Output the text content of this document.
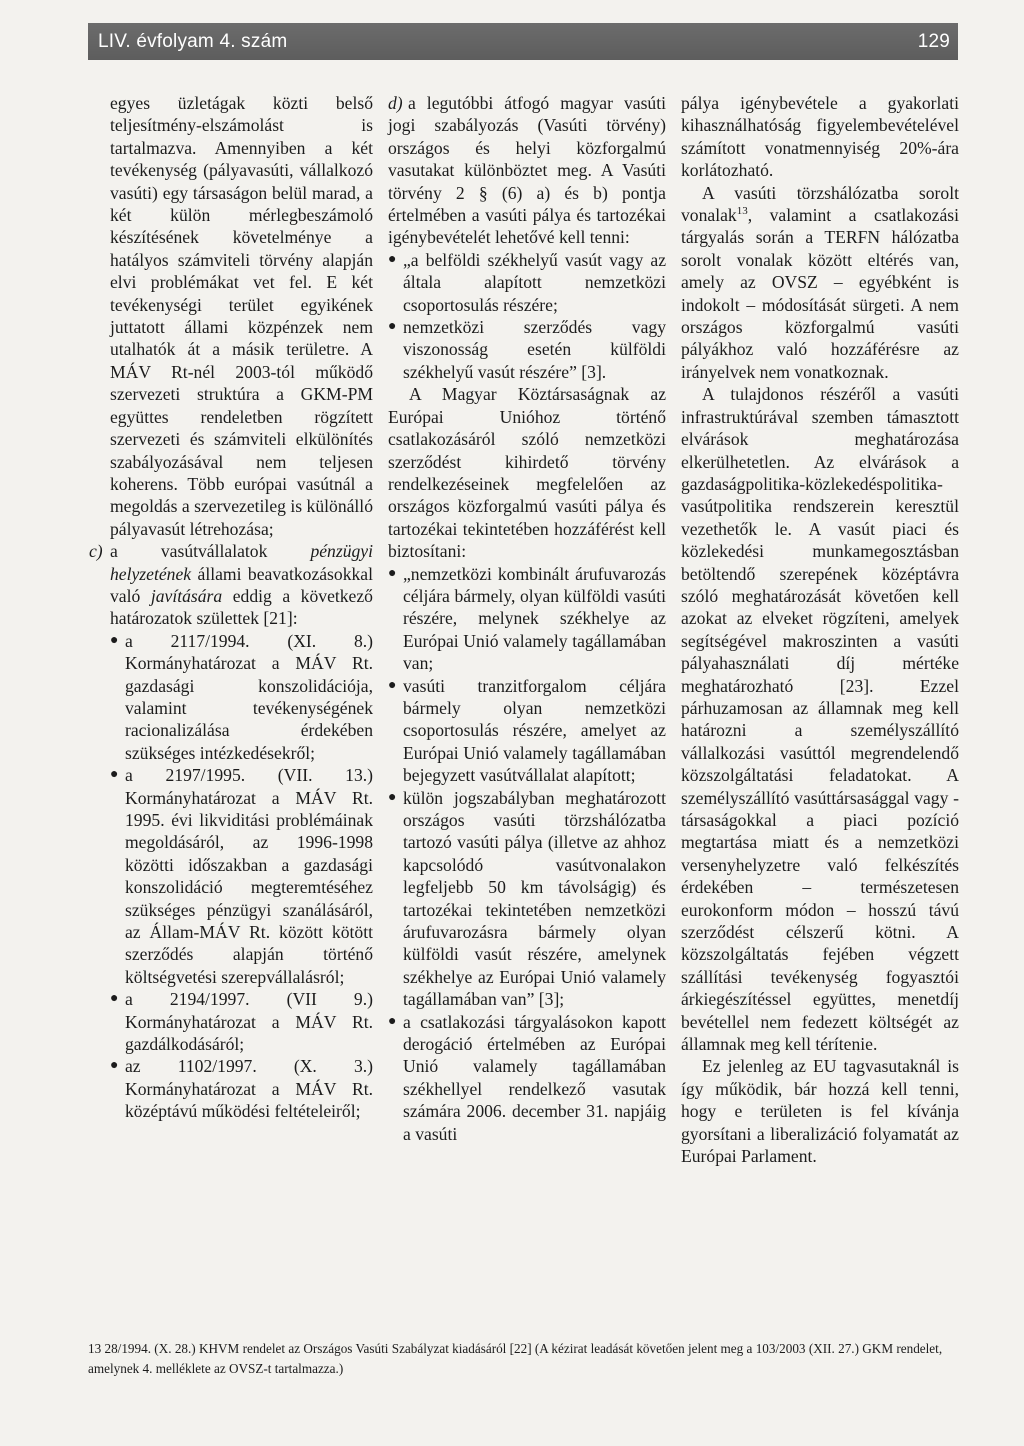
LIV. évfolyam 4. szám	129

egyes üzletágak közti belső teljesítmény-elszámolást is tartalmazva. Amennyiben a két tevékenység (pályavasúti, vállalkozó vasúti) egy társaságon belül marad, a két külön mérlegbeszámoló készítésének követelménye a hatályos számviteli törvény alapján elvi problémákat vet fel. E két tevékenységi terület egyikének juttatott állami közpénzek nem utalhatók át a másik területre. A MÁV Rt-nél 2003-tól működő szervezeti struktúra a GKM-PM együttes rendeletben rögzített szervezeti és számviteli elkülönítés szabályozásával nem teljesen koherens. Több európai vasútnál a megoldás a szervezetileg is különálló pályavasút létrehozása;

c) a vasútvállalatok pénzügyi helyzetének állami beavatkozásokkal való javítására eddig a következő határozatok születtek [21]:
● a 2117/1994. (XI. 8.) Kormányhatározat a MÁV Rt. gazdasági konszolidációja, valamint tevékenységének racionalizálása érdekében szükséges intézkedésekről;
● a 2197/1995. (VII. 13.) Kormányhatározat a MÁV Rt. 1995. évi likviditási problémáinak megoldásáról, az 1996-1998 közötti időszakban a gazdasági konszolidáció megteremtéséhez szükséges pénzügyi szanálásáról, az Állam-MÁV Rt. között kötött szerződés alapján történő költségvetési szerepvállalásról;
● a 2194/1997. (VII 9.) Kormányhatározat a MÁV Rt. gazdálkodásáról;
● az 1102/1997. (X. 3.) Kormányhatározat a MÁV Rt. középtávú működési feltételeiről;
d) a legutóbbi átfogó magyar vasúti jogi szabályozás (Vasúti törvény) országos és helyi közforgalmú vasutakat különböztet meg. A Vasúti törvény 2 § (6) a) és b) pontja értelmében a vasúti pálya és tartozékai igénybevételét lehetővé kell tenni:
● „a belföldi székhelyű vasút vagy az általa alapított nemzetközi csoportosulás részére;
● nemzetközi szerződés vagy viszonosság esetén külföldi székhelyű vasút részére” [3].

A Magyar Köztársaságnak az Európai Unióhoz történő csatlakozásáról szóló nemzetközi szerződést kihirdető törvény rendelkezéseinek megfelelően az országos közforgalmú vasúti pálya és tartozékai tekintetében hozzáférést kell biztosítani:

● „nemzetközi kombinált árufuvarozás céljára bármely, olyan külföldi vasúti részére, melynek székhelye az Európai Unió valamely tagállamában van;
● vasúti tranzitforgalom céljára bármely olyan nemzetközi csoportosulás részére, amelyet az Európai Unió valamely tagállamában bejegyzett vasútvállalat alapított;
● külön jogszabályban meghatározott országos vasúti törzshálózatba tartozó vasúti pálya (illetve az ahhoz kapcsolódó vasútvonalakon legfeljebb 50 km távolságig) és tartozékai tekintetében nemzetközi árufuvarozásra bármely olyan külföldi vasút részére, amelynek székhelye az Európai Unió valamely tagállamában van” [3];
● a csatlakozási tárgyalásokon kapott derogáció értelmében az Európai Unió valamely tagállamában székhellyel rendelkező vasutak számára 2006. december 31. napjáig a vasúti

pálya igénybevétele a gyakorlati kihasználhatóság figyelembevételével számított vonatmennyiség 20%-ára korlátozható.

A vasúti törzshálózatba sorolt vonalak$^{13}$, valamint a csatlakozási tárgyalás során a TERFN hálózatba sorolt vonalak között eltérés van, amely az OVSZ – egyébként is indokolt – módosítását sürgeti. A nem országos közforgalmú vasúti pályákhoz való hozzáférésre az irányelvek nem vonatkoznak.

A tulajdonos részéről a vasúti infrastruktúrával szemben támasztott elvárások meghatározása elkerülhetetlen. Az elvárások a gazdaságpolitika-közlekedéspolitika-vasútpolitika rendszerein keresztül vezethetők le. A vasút piaci és közlekedési munkamegosztásban betöltendő szerepének középtávra szóló meghatározását követően kell azokat az elveket rögzíteni, amelyek segítségével makroszinten a vasúti pályahasználati díj mértéke meghatározható [23]. Ezzel párhuzamosan az államnak meg kell határozni a személyszállító vállalkozási vasúttól megrendelendő közszolgáltatási feladatokat. A személyszállító vasúttársasággal vagy -társaságokkal a piaci pozíció megtartása miatt és a nemzetközi versenyhelyzetre való felkészítés érdekében – természetesen eurokonform módon – hosszú távú szerződést célszerű kötni. A közszolgáltatás fejében végzett szállítási tevékenység fogyasztói árkiegészítéssel együttes, menetdíj bevétellel nem fedezett költségét az államnak meg kell térítenie.

Ez jelenleg az EU tagvasutaknál is így működik, bár hozzá kell tenni, hogy e területen is fel kívánja gyorsítani a liberalizáció folyamatát az Európai Parlament.

13 28/1994. (X. 28.) KHVM rendelet az Országos Vasúti Szabályzat kiadásáról [22] (A kézirat leadását követően jelent meg a 103/2003 (XII. 27.) GKM rendelet, amelynek 4. melléklete az OVSZ-t tartalmazza.)
